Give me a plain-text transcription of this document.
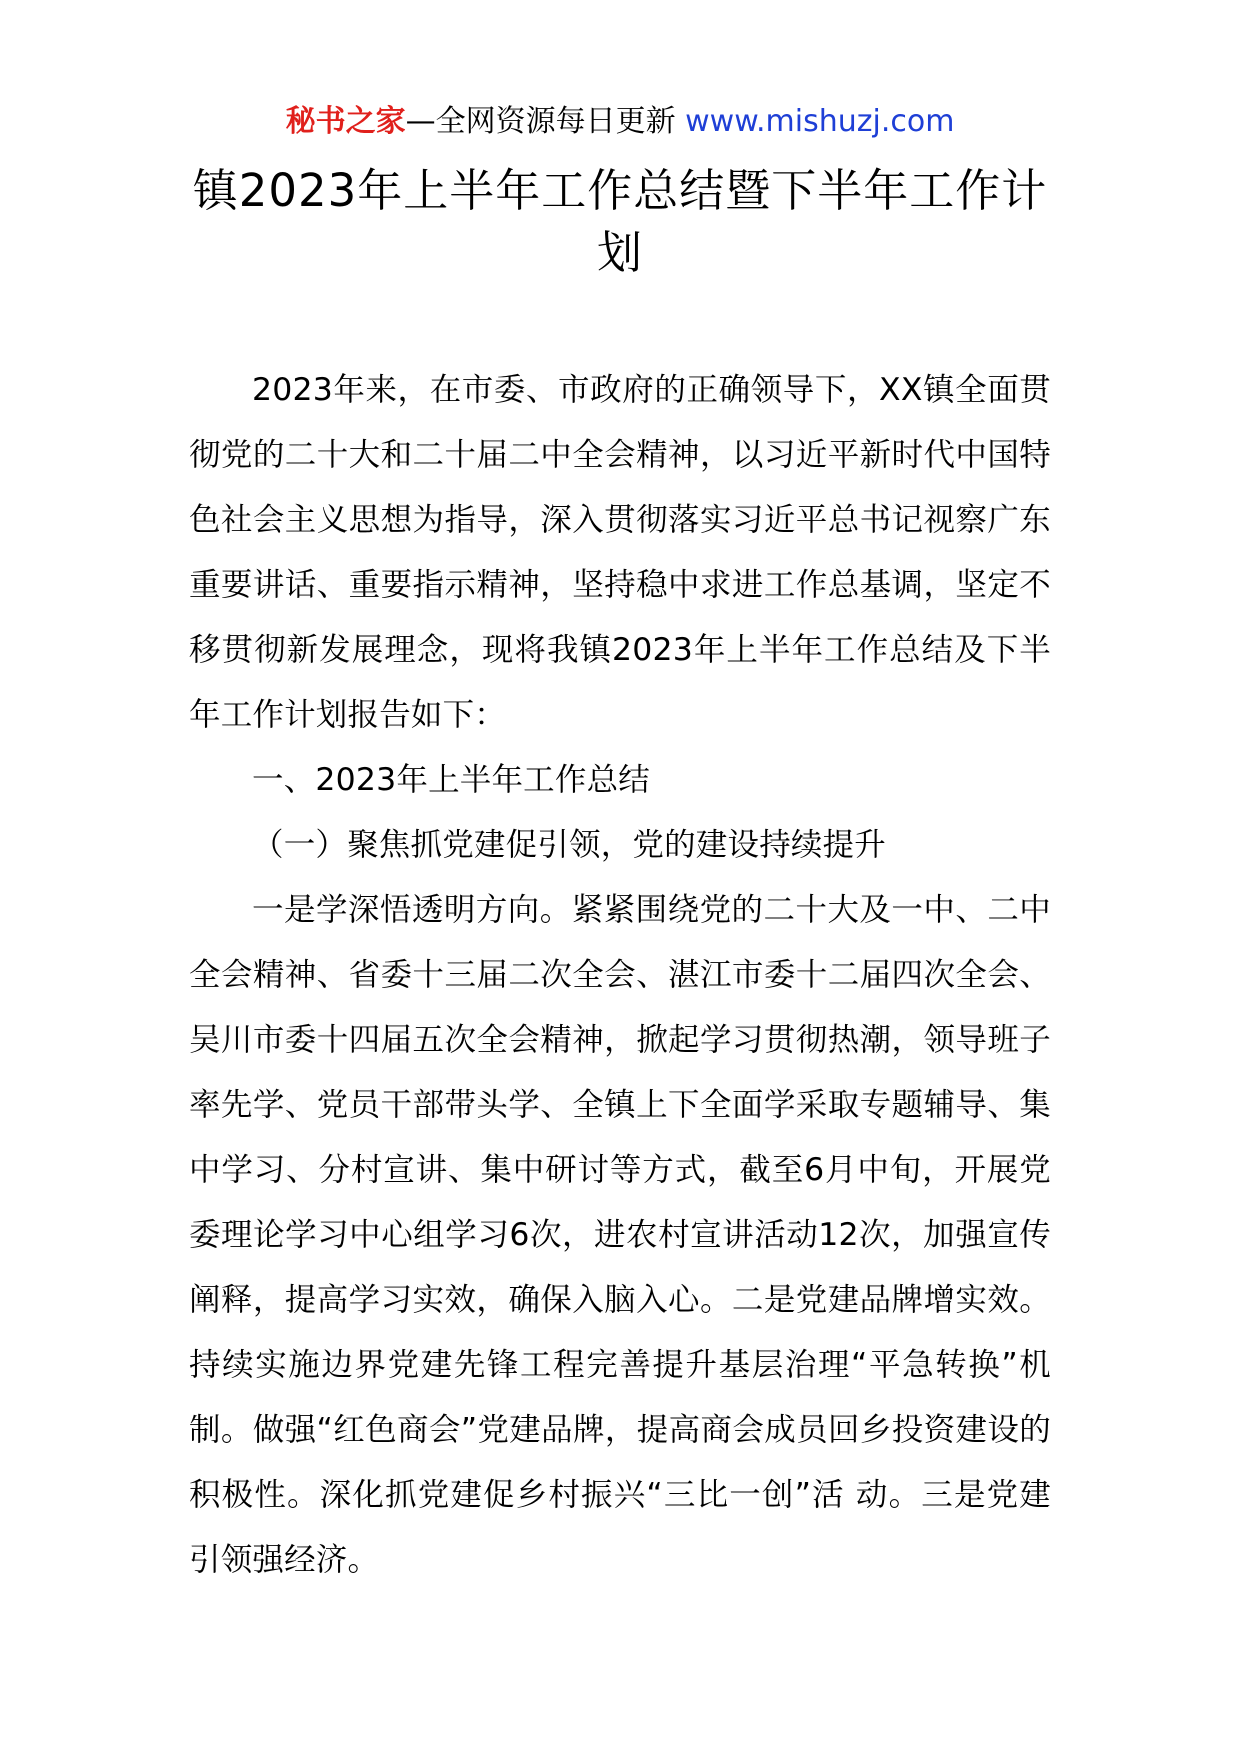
秘书之家—全网资源每日更新 www.mishuzj.com
镇2023年上半年工作总结暨下半年工作计划

2023年来，在市委、市政府的正确领导下，XX镇全面贯彻党的二十大和二十届二中全会精神，以习近平新时代中国特色社会主义思想为指导，深入贯彻落实习近平总书记视察广东重要讲话、重要指示精神，坚持稳中求进工作总基调，坚定不移贯彻新发展理念，现将我镇2023年上半年工作总结及下半年工作计划报告如下：

一、2023年上半年工作总结

（一）聚焦抓党建促引领，党的建设持续提升

一是学深悟透明方向。紧紧围绕党的二十大及一中、二中全会精神、省委十三届二次全会、湛江市委十二届四次全会、吴川市委十四届五次全会精神，掀起学习贯彻热潮，领导班子率先学、党员干部带头学、全镇上下全面学采取专题辅导、集中学习、分村宣讲、集中研讨等方式，截至6月中旬，开展党委理论学习中心组学习6次，进农村宣讲活动12次，加强宣传阐释，提高学习实效，确保入脑入心。二是党建品牌增实效。持续实施边界党建先锋工程完善提升基层治理“平急转换”机制。做强“红色商会”党建品牌，提高商会成员回乡投资建设的积极性。深化抓党建促乡村振兴“三比一创”活 动。三是党建引领强经济。
